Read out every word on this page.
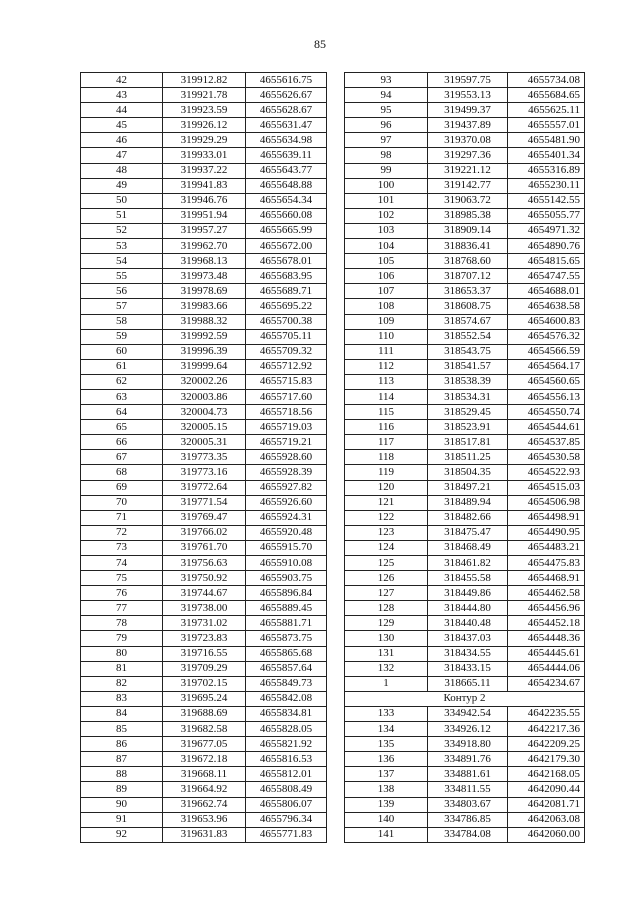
85
42	319912.82	4655616.75
43	319921.78	4655626.67
44	319923.59	4655628.67
45	319926.12	4655631.47
46	319929.29	4655634.98
47	319933.01	4655639.11
48	319937.22	4655643.77
49	319941.83	4655648.88
50	319946.76	4655654.34
51	319951.94	4655660.08
52	319957.27	4655665.99
53	319962.70	4655672.00
54	319968.13	4655678.01
55	319973.48	4655683.95
56	319978.69	4655689.71
57	319983.66	4655695.22
58	319988.32	4655700.38
59	319992.59	4655705.11
60	319996.39	4655709.32
61	319999.64	4655712.92
62	320002.26	4655715.83
63	320003.86	4655717.60
64	320004.73	4655718.56
65	320005.15	4655719.03
66	320005.31	4655719.21
67	319773.35	4655928.60
68	319773.16	4655928.39
69	319772.64	4655927.82
70	319771.54	4655926.60
71	319769.47	4655924.31
72	319766.02	4655920.48
73	319761.70	4655915.70
74	319756.63	4655910.08
75	319750.92	4655903.75
76	319744.67	4655896.84
77	319738.00	4655889.45
78	319731.02	4655881.71
79	319723.83	4655873.75
80	319716.55	4655865.68
81	319709.29	4655857.64
82	319702.15	4655849.73
83	319695.24	4655842.08
84	319688.69	4655834.81
85	319682.58	4655828.05
86	319677.05	4655821.92
87	319672.18	4655816.53
88	319668.11	4655812.01
89	319664.92	4655808.49
90	319662.74	4655806.07
91	319653.96	4655796.34
92	319631.83	4655771.83
93	319597.75	4655734.08
94	319553.13	4655684.65
95	319499.37	4655625.11
96	319437.89	4655557.01
97	319370.08	4655481.90
98	319297.36	4655401.34
99	319221.12	4655316.89
100	319142.77	4655230.11
101	319063.72	4655142.55
102	318985.38	4655055.77
103	318909.14	4654971.32
104	318836.41	4654890.76
105	318768.60	4654815.65
106	318707.12	4654747.55
107	318653.37	4654688.01
108	318608.75	4654638.58
109	318574.67	4654600.83
110	318552.54	4654576.32
111	318543.75	4654566.59
112	318541.57	4654564.17
113	318538.39	4654560.65
114	318534.31	4654556.13
115	318529.45	4654550.74
116	318523.91	4654544.61
117	318517.81	4654537.85
118	318511.25	4654530.58
119	318504.35	4654522.93
120	318497.21	4654515.03
121	318489.94	4654506.98
122	318482.66	4654498.91
123	318475.47	4654490.95
124	318468.49	4654483.21
125	318461.82	4654475.83
126	318455.58	4654468.91
127	318449.86	4654462.58
128	318444.80	4654456.96
129	318440.48	4654452.18
130	318437.03	4654448.36
131	318434.55	4654445.61
132	318433.15	4654444.06
1	318665.11	4654234.67
Контур 2		
133	334942.54	4642235.55
134	334926.12	4642217.36
135	334918.80	4642209.25
136	334891.76	4642179.30
137	334881.61	4642168.05
138	334811.55	4642090.44
139	334803.67	4642081.71
140	334786.85	4642063.08
141	334784.08	4642060.00
